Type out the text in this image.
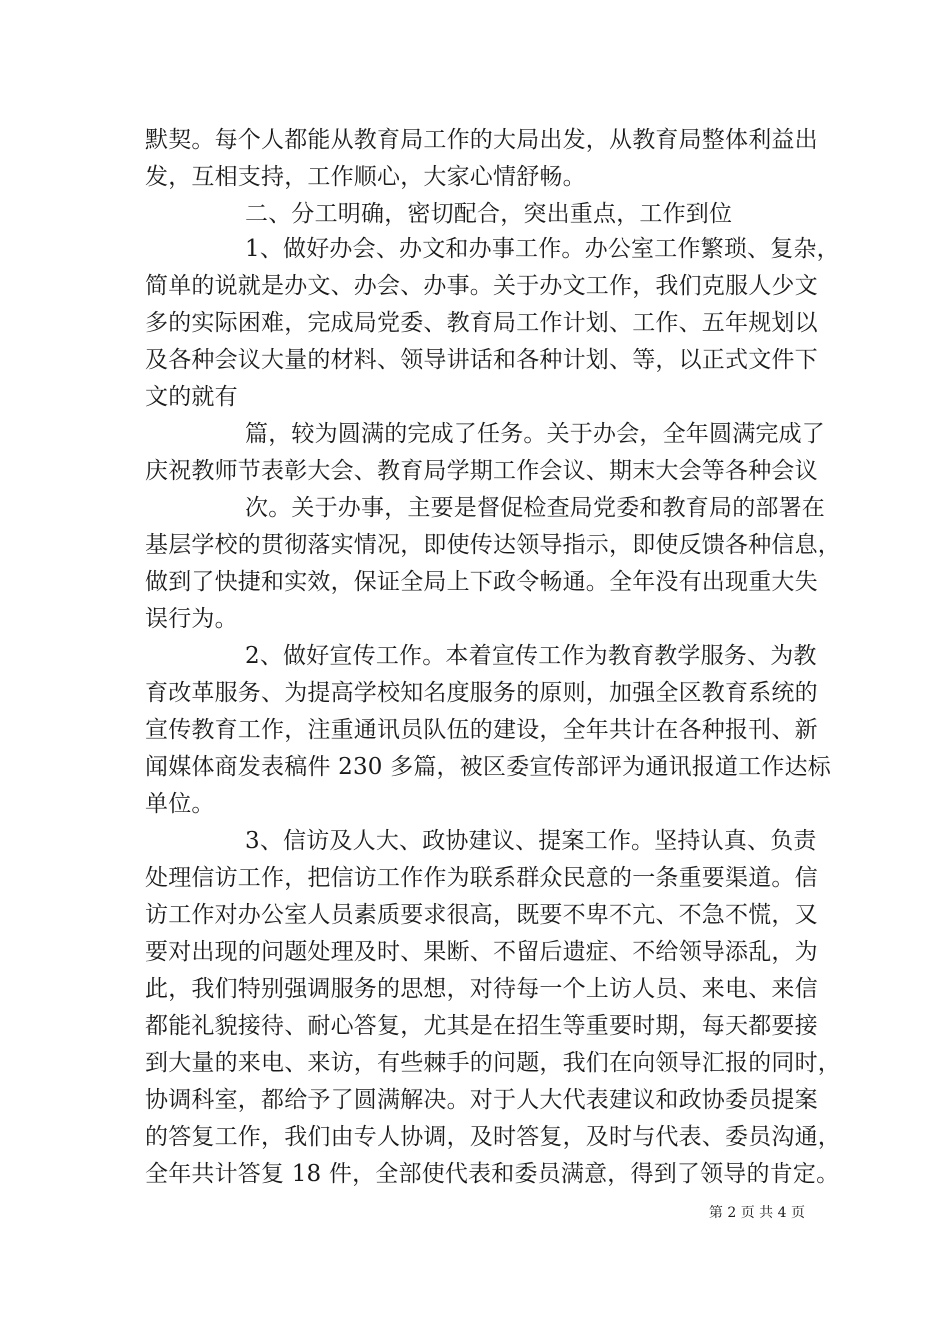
默契。每个人都能从教育局工作的大局出发，从教育局整体利益出
发，互相支持，工作顺心，大家心情舒畅。
二、分工明确，密切配合，突出重点，工作到位
1、做好办会、办文和办事工作。办公室工作繁琐、复杂，
简单的说就是办文、办会、办事。关于办文工作，我们克服人少文
多的实际困难，完成局党委、教育局工作计划、工作、五年规划以
及各种会议大量的材料、领导讲话和各种计划、等，以正式文件下
文的就有
篇，较为圆满的完成了任务。关于办会，全年圆满完成了
庆祝教师节表彰大会、教育局学期工作会议、期末大会等各种会议
次。关于办事，主要是督促检查局党委和教育局的部署在
基层学校的贯彻落实情况，即使传达领导指示，即使反馈各种信息，
做到了快捷和实效，保证全局上下政令畅通。全年没有出现重大失
误行为。
2、做好宣传工作。本着宣传工作为教育教学服务、为教
育改革服务、为提高学校知名度服务的原则，加强全区教育系统的
宣传教育工作，注重通讯员队伍的建设，全年共计在各种报刊、新
闻媒体商发表稿件 230 多篇，被区委宣传部评为通讯报道工作达标
单位。
3、信访及人大、政协建议、提案工作。坚持认真、负责
处理信访工作，把信访工作作为联系群众民意的一条重要渠道。信
访工作对办公室人员素质要求很高，既要不卑不亢、不急不慌，又
要对出现的问题处理及时、果断、不留后遗症、不给领导添乱，为
此，我们特别强调服务的思想，对待每一个上访人员、来电、来信
都能礼貌接待、耐心答复，尤其是在招生等重要时期，每天都要接
到大量的来电、来访，有些棘手的问题，我们在向领导汇报的同时，
协调科室，都给予了圆满解决。对于人大代表建议和政协委员提案
的答复工作，我们由专人协调，及时答复，及时与代表、委员沟通，
全年共计答复 18 件，全部使代表和委员满意，得到了领导的肯定。
第 2 页 共 4 页
